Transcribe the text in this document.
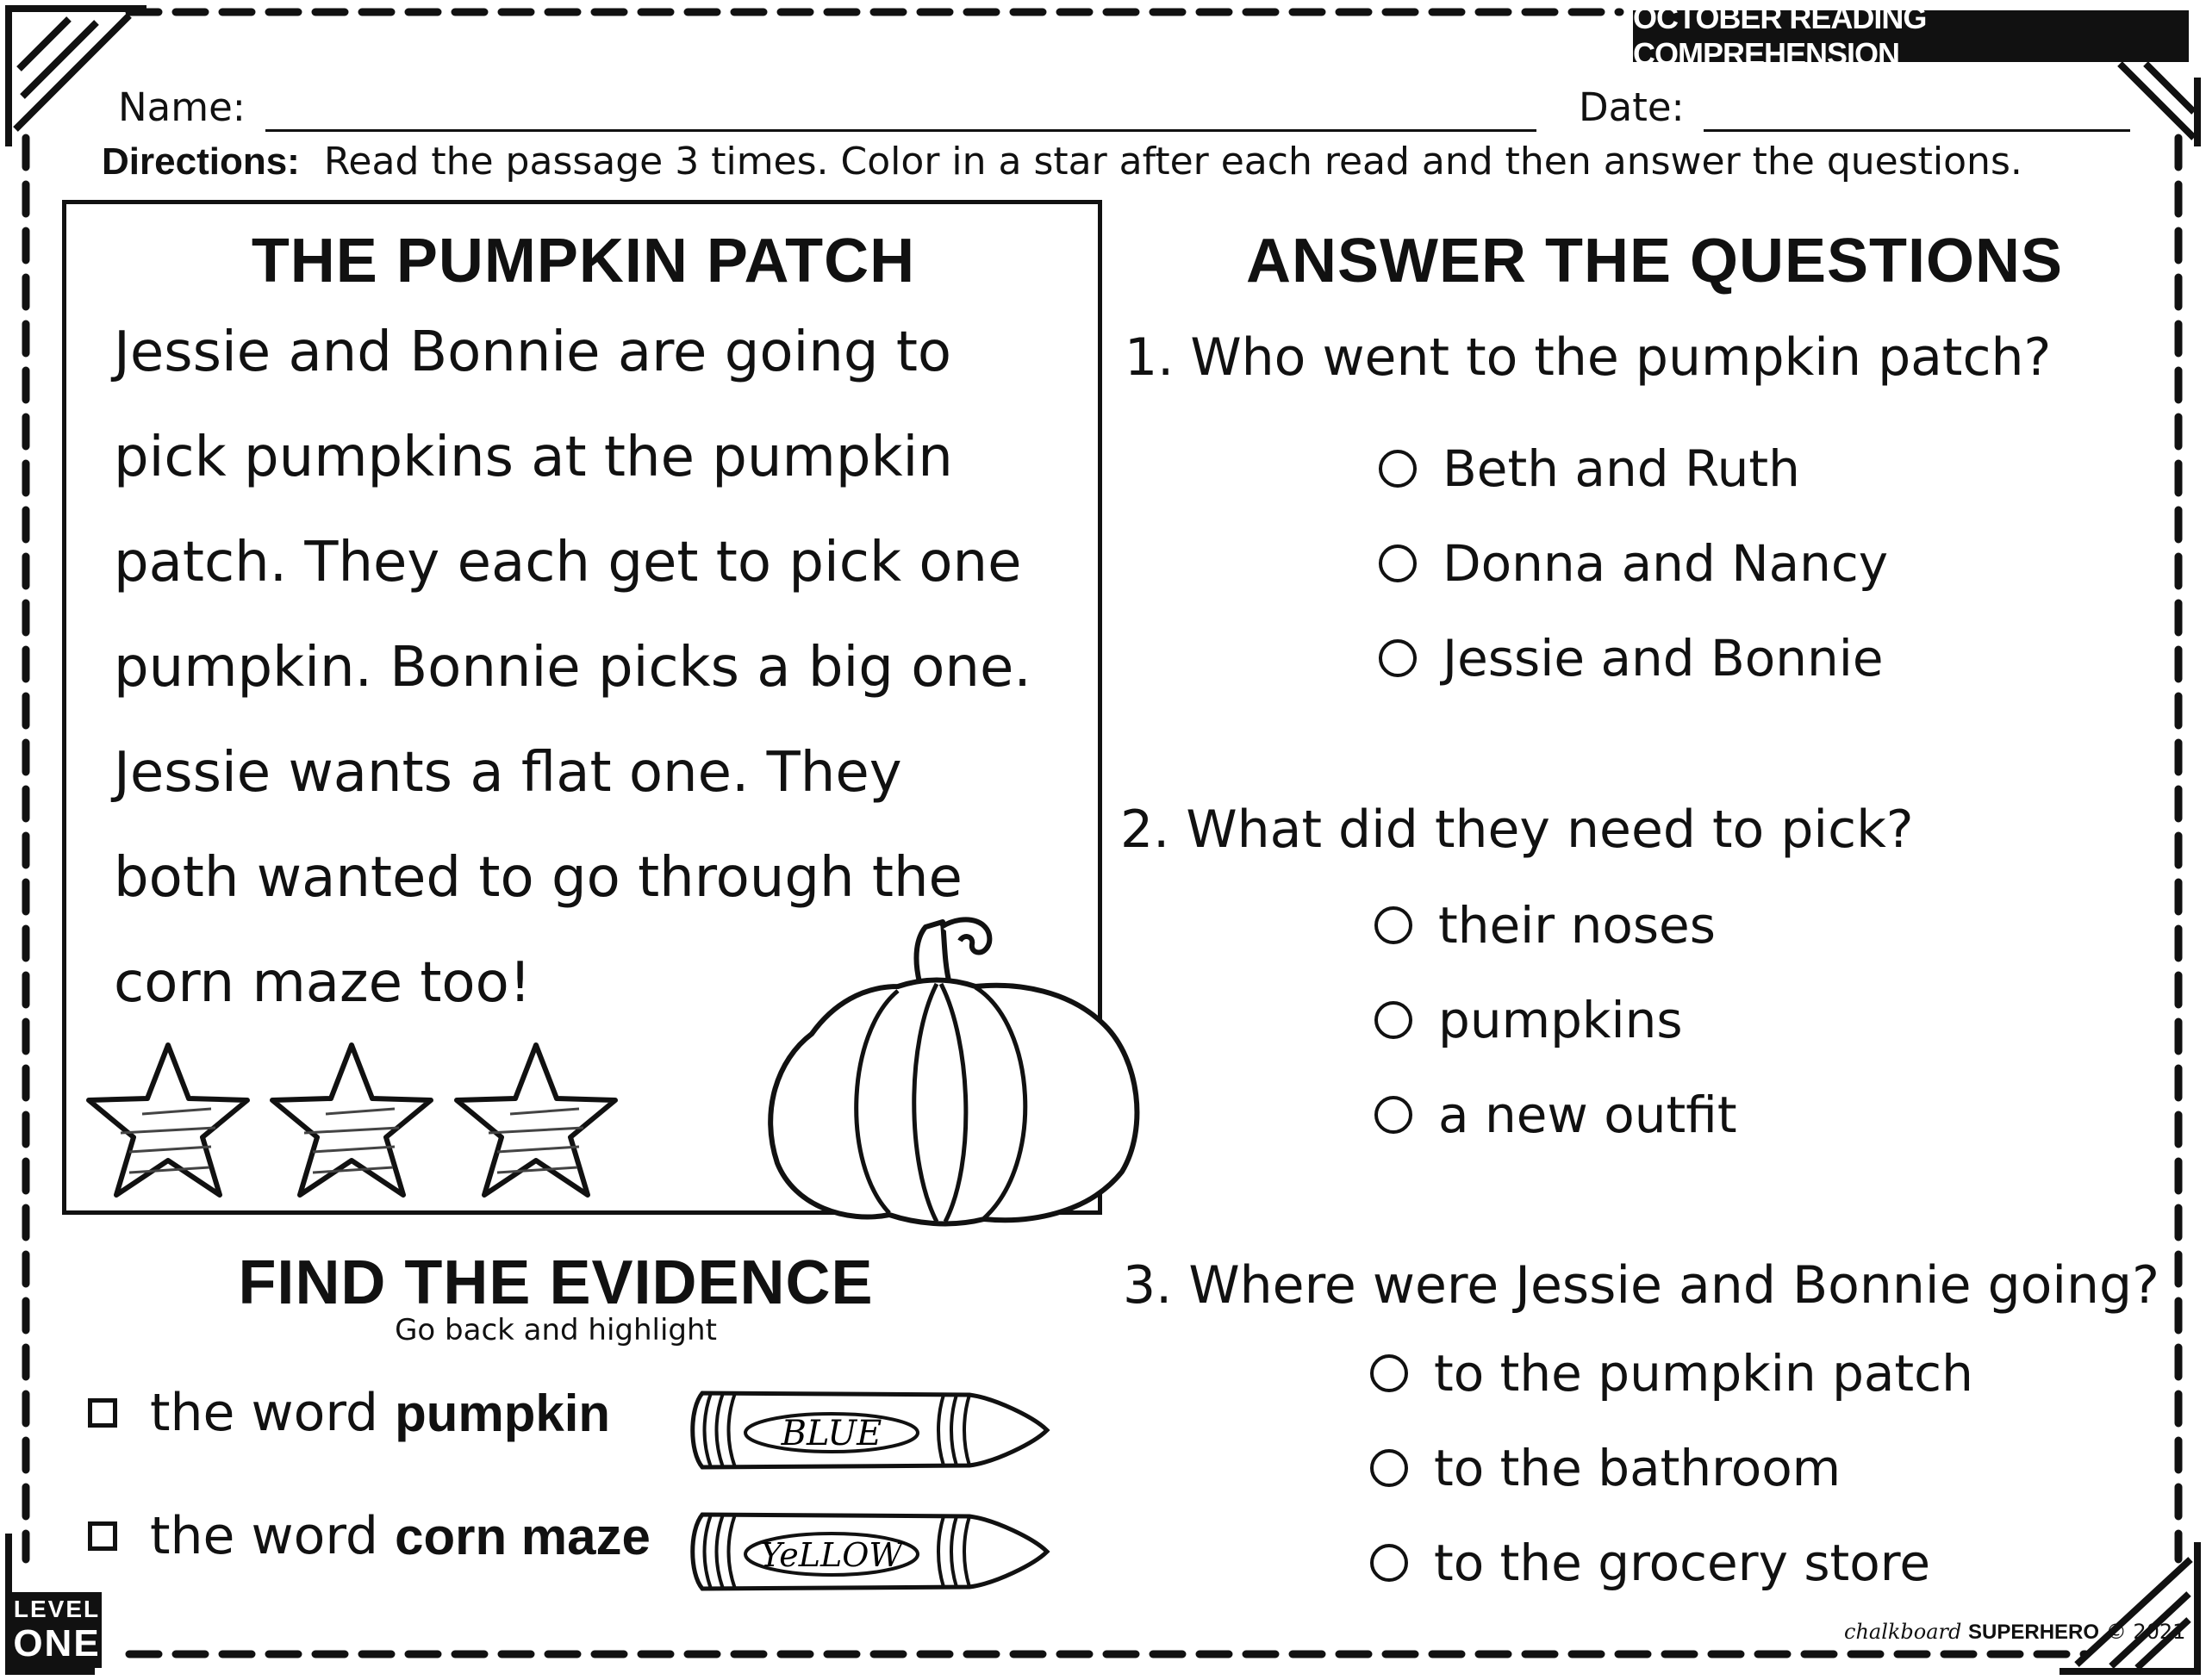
OCTOBER READING COMPREHENSION
Name:	Date:
Directions: Read the passage 3 times. Color in a star after each read and then answer the questions.
THE PUMPKIN PATCH
Jessie and Bonnie are going to
pick pumpkins at the pumpkin
patch. They each get to pick one
pumpkin. Bonnie picks a big one.
Jessie wants a flat one. They
both wanted to go through the
corn maze too!
ANSWER THE QUESTIONS
1. Who went to the pumpkin patch?
Beth and Ruth
Donna and Nancy
Jessie and Bonnie
2. What did they need to pick?
their noses
pumpkins
a new outfit
3. Where were Jessie and Bonnie going?
to the pumpkin patch
to the bathroom
to the grocery store
FIND THE EVIDENCE
Go back and highlight
the word pumpkin
the word corn maze
BLUE
YeLLOW
LEVEL
ONE	chalkboard SUPERHERO © 2021
